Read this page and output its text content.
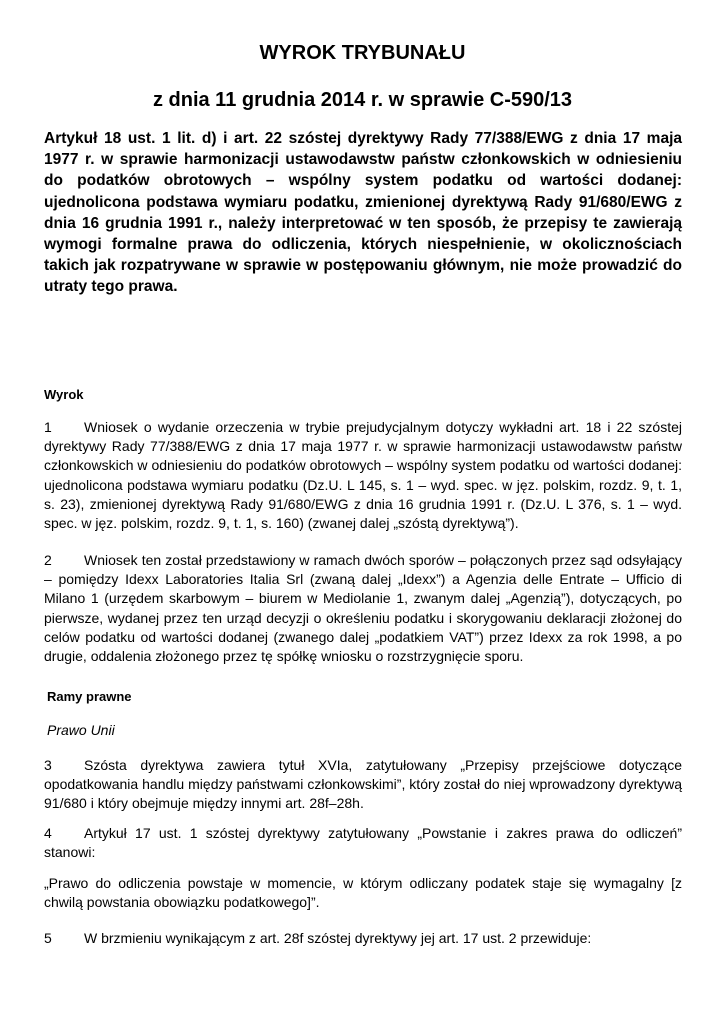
WYROK TRYBUNAŁU
z dnia 11 grudnia 2014 r. w sprawie C-590/13

Artykuł 18 ust. 1 lit. d) i art. 22 szóstej dyrektywy Rady 77/388/EWG z dnia 17 maja 1977 r. w sprawie harmonizacji ustawodawstw państw członkowskich w odniesieniu do podatków obrotowych – wspólny system podatku od wartości dodanej: ujednolicona podstawa wymiaru podatku, zmienionej dyrektywą Rady 91/680/EWG z dnia 16 grudnia 1991 r., należy interpretować w ten sposób, że przepisy te zawierają wymogi formalne prawa do odliczenia, których niespełnienie, w okolicznościach takich jak rozpatrywane w sprawie w postępowaniu głównym, nie może prowadzić do utraty tego prawa.

Wyrok

1 Wniosek o wydanie orzeczenia w trybie prejudycjalnym dotyczy wykładni art. 18 i 22 szóstej dyrektywy Rady 77/388/EWG z dnia 17 maja 1977 r. w sprawie harmonizacji ustawodawstw państw członkowskich w odniesieniu do podatków obrotowych – wspólny system podatku od wartości dodanej: ujednolicona podstawa wymiaru podatku (Dz.U. L 145, s. 1 – wyd. spec. w jęz. polskim, rozdz. 9, t. 1, s. 23), zmienionej dyrektywą Rady 91/680/EWG z dnia 16 grudnia 1991 r. (Dz.U. L 376, s. 1 – wyd. spec. w jęz. polskim, rozdz. 9, t. 1, s. 160) (zwanej dalej „szóstą dyrektywą”).

2 Wniosek ten został przedstawiony w ramach dwóch sporów – połączonych przez sąd odsyłający – pomiędzy Idexx Laboratories Italia Srl (zwaną dalej „Idexx”) a Agenzia delle Entrate – Ufficio di Milano 1 (urzędem skarbowym – biurem w Mediolanie 1, zwanym dalej „Agenzią”), dotyczących, po pierwsze, wydanej przez ten urząd decyzji o określeniu podatku i skorygowaniu deklaracji złożonej do celów podatku od wartości dodanej (zwanego dalej „podatkiem VAT”) przez Idexx za rok 1998, a po drugie, oddalenia złożonego przez tę spółkę wniosku o rozstrzygnięcie sporu.

Ramy prawne

Prawo Unii

3 Szósta dyrektywa zawiera tytuł XVIa, zatytułowany „Przepisy przejściowe dotyczące opodatkowania handlu między państwami członkowskimi”, który został do niej wprowadzony dyrektywą 91/680 i który obejmuje między innymi art. 28f–28h.

4 Artykuł 17 ust. 1 szóstej dyrektywy zatytułowany „Powstanie i zakres prawa do odliczeń” stanowi:

„Prawo do odliczenia powstaje w momencie, w którym odliczany podatek staje się wymagalny [z chwilą powstania obowiązku podatkowego]”.

5 W brzmieniu wynikającym z art. 28f szóstej dyrektywy jej art. 17 ust. 2 przewiduje:
